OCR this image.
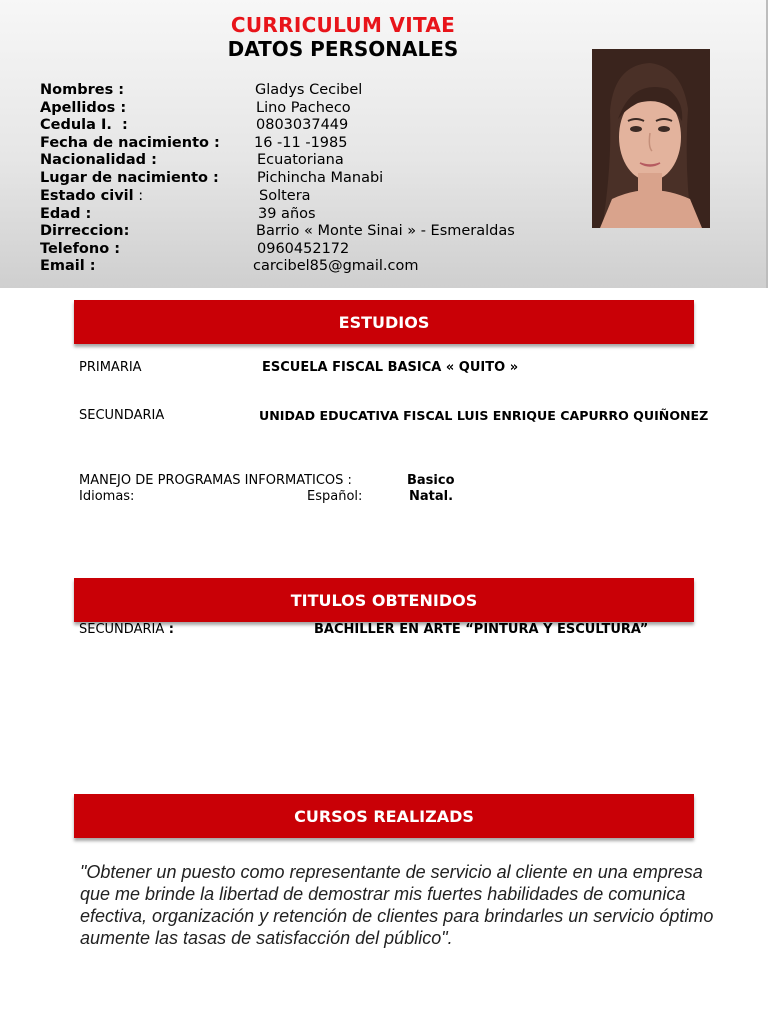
CURRICULUM VITAE
DATOS PERSONALES
Nombres :	Gladys Cecibel
Apellidos :	Lino Pacheco
Cedula I.  :	0803037449
Fecha de nacimiento : 16 -11 -1985
Nacionalidad :	Ecuatoriana
Lugar de nacimiento :	Pichincha Manabi
Estado civil :	Soltera
Edad :	39 años
Dirreccion:	Barrio « Monte Sinai » - Esmeraldas
Telefono :	0960452172
Email :	carcibel85@gmail.com
ESTUDIOS
PRIMARIA	ESCUELA FISCAL BASICA « QUITO »
SECUNDARIA	UNIDAD EDUCATIVA FISCAL LUIS ENRIQUE CAPURRO QUIÑONEZ
MANEJO DE PROGRAMAS INFORMATICOS :	Basico
Idiomas:	Español:	Natal.
TITULOS OBTENIDOS
SECUNDARIA :	BACHILLER EN ARTE “PINTURA Y ESCULTURA”
CURSOS REALIZADS
"Obtener un puesto como representante de servicio al cliente en una empresa
que me brinde la libertad de demostrar mis fuertes habilidades de comunica
efectiva, organización y retención de clientes para brindarles un servicio óptimo
aumente las tasas de satisfacción del público".
